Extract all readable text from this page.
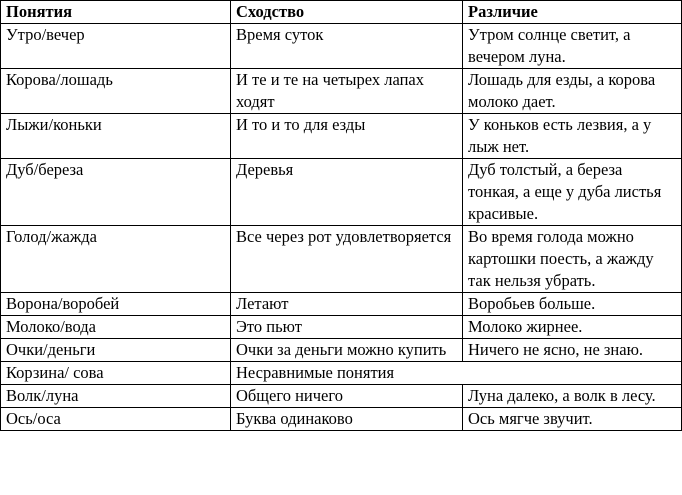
Понятия	Сходство	Различие
Утро/вечер	Время суток	Утром солнце светит, а вечером луна.
Корова/лошадь	И те и те на четырех лапах ходят	Лошадь для езды, а корова молоко дает.
Лыжи/коньки	И то и то для езды	У коньков есть лезвия, а у лыж нет.
Дуб/береза	Деревья	Дуб толстый, а береза тонкая, а еще у дуба листья красивые.
Голод/жажда	Все через рот удовлетворяется	Во время голода можно картошки поесть, а жажду так нельзя убрать.
Ворона/воробей	Летают	Воробьев больше.
Молоко/вода	Это пьют	Молоко жирнее.
Очки/деньги	Очки за деньги можно купить	Ничего не ясно, не знаю.
Корзина/ сова	Несравнимые понятия	
Волк/луна	Общего ничего	Луна далеко, а волк в лесу.
Ось/оса	Буква одинаково	Ось мягче звучит.
